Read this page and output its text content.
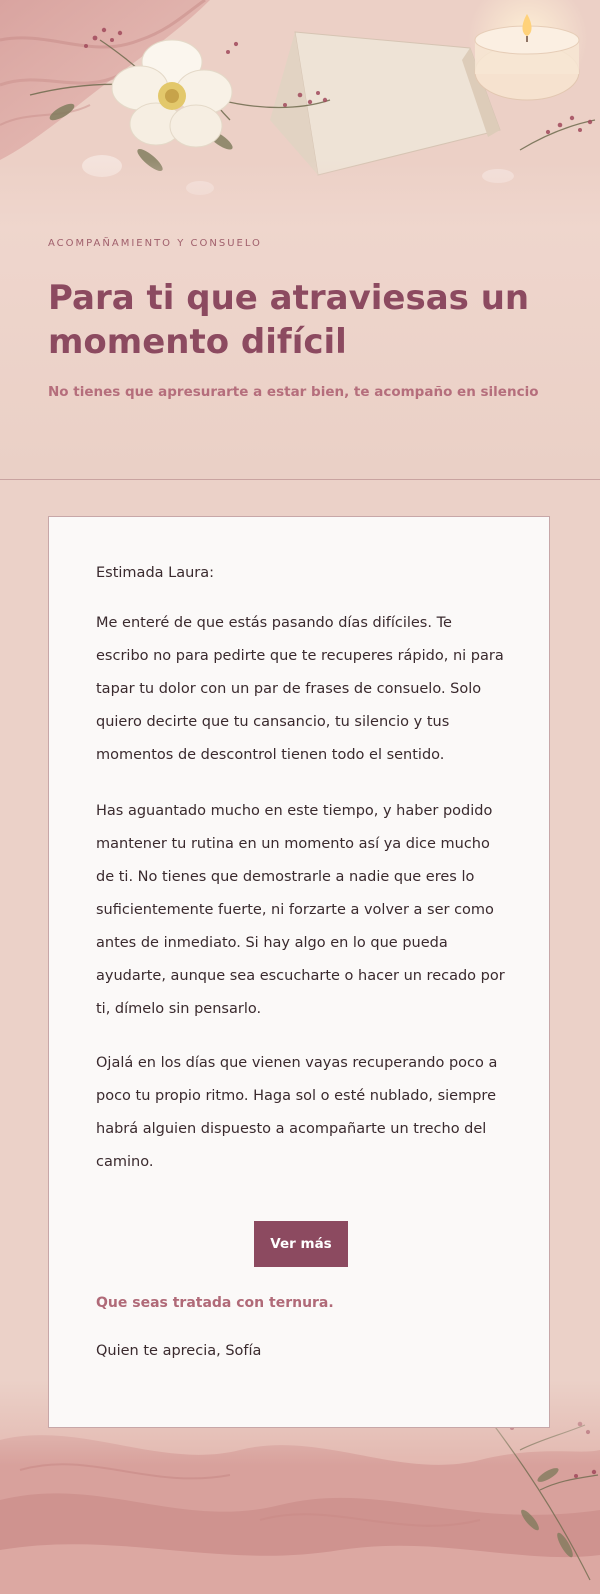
ACOMPAÑAMIENTO Y CONSUELO
Para ti que atraviesas un momento difícil

No tienes que apresurarte a estar bien, te acompaño en silencio

Estimada Laura:

Me enteré de que estás pasando días difíciles. Te escribo no para pedirte que te recuperes rápido, ni para tapar tu dolor con un par de frases de consuelo. Solo quiero decirte que tu cansancio, tu silencio y tus momentos de descontrol tienen todo el sentido.

Has aguantado mucho en este tiempo, y haber podido mantener tu rutina en un momento así ya dice mucho de ti. No tienes que demostrarle a nadie que eres lo suficientemente fuerte, ni forzarte a volver a ser como antes de inmediato. Si hay algo en lo que pueda ayudarte, aunque sea escucharte o hacer un recado por ti, dímelo sin pensarlo.

Ojalá en los días que vienen vayas recuperando poco a poco tu propio ritmo. Haga sol o esté nublado, siempre habrá alguien dispuesto a acompañarte un trecho del camino.

Ver más

Que seas tratada con ternura.

Quien te aprecia, Sofía
